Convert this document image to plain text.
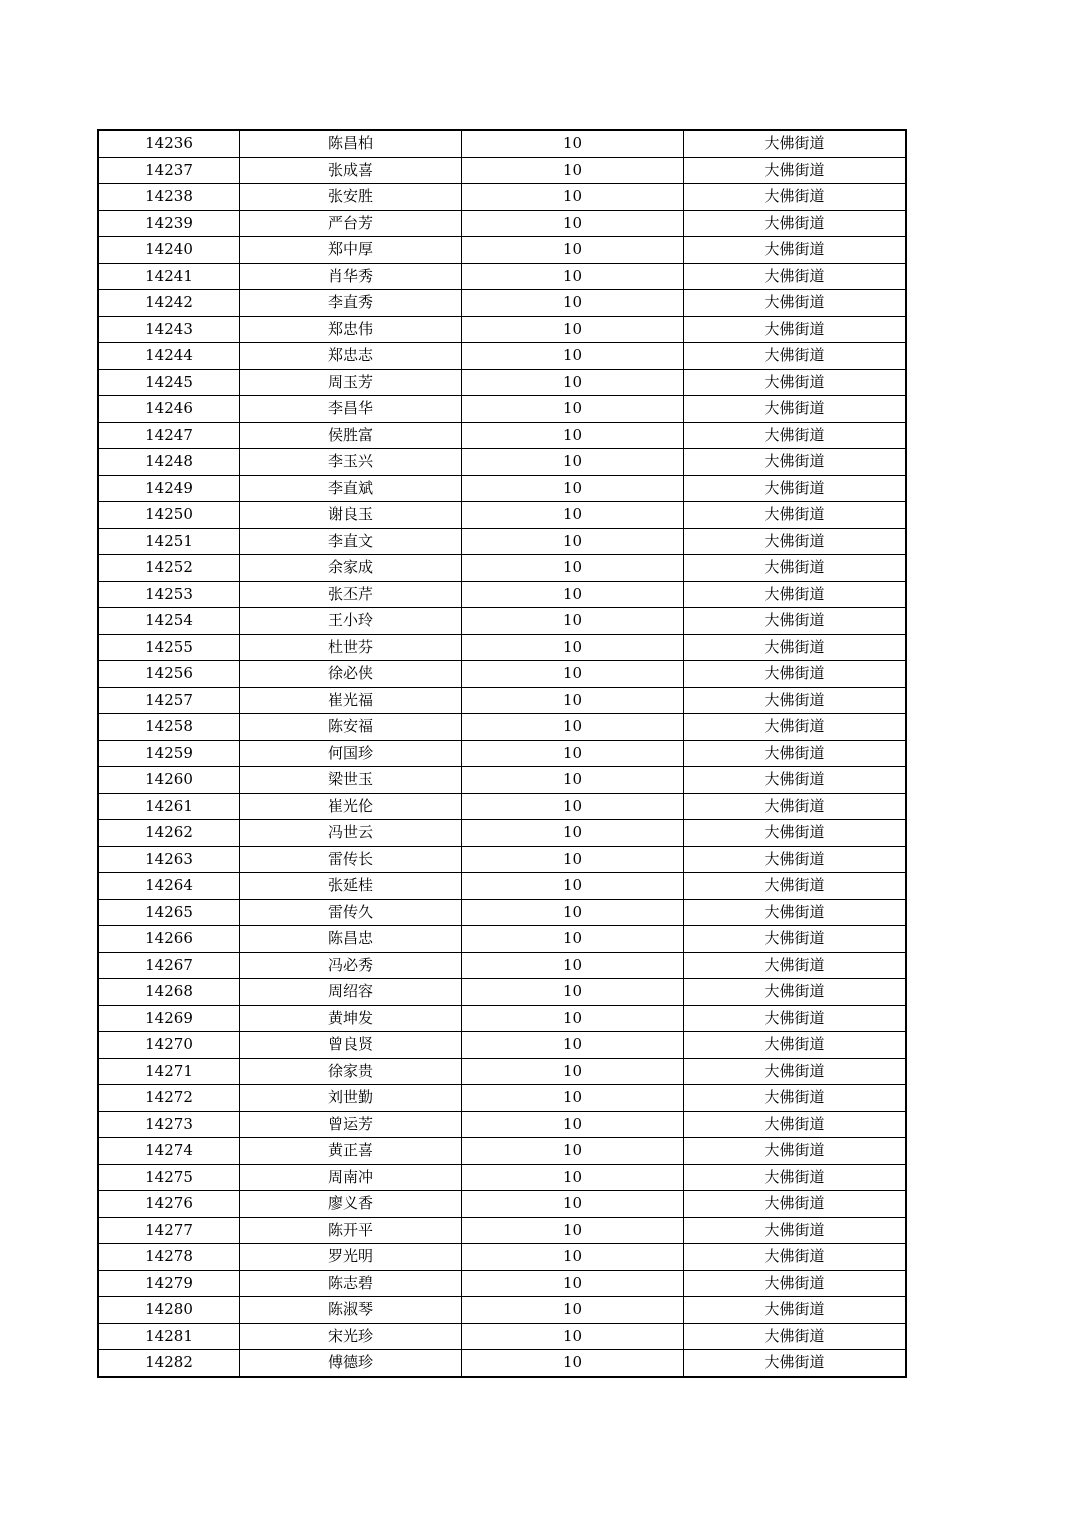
14236	陈昌柏	10	大佛街道
14237	张成喜	10	大佛街道
14238	张安胜	10	大佛街道
14239	严台芳	10	大佛街道
14240	郑中厚	10	大佛街道
14241	肖华秀	10	大佛街道
14242	李直秀	10	大佛街道
14243	郑忠伟	10	大佛街道
14244	郑忠志	10	大佛街道
14245	周玉芳	10	大佛街道
14246	李昌华	10	大佛街道
14247	侯胜富	10	大佛街道
14248	李玉兴	10	大佛街道
14249	李直斌	10	大佛街道
14250	谢良玉	10	大佛街道
14251	李直文	10	大佛街道
14252	余家成	10	大佛街道
14253	张丕芹	10	大佛街道
14254	王小玲	10	大佛街道
14255	杜世芬	10	大佛街道
14256	徐必侠	10	大佛街道
14257	崔光福	10	大佛街道
14258	陈安福	10	大佛街道
14259	何国珍	10	大佛街道
14260	梁世玉	10	大佛街道
14261	崔光伦	10	大佛街道
14262	冯世云	10	大佛街道
14263	雷传长	10	大佛街道
14264	张延桂	10	大佛街道
14265	雷传久	10	大佛街道
14266	陈昌忠	10	大佛街道
14267	冯必秀	10	大佛街道
14268	周绍容	10	大佛街道
14269	黄坤发	10	大佛街道
14270	曾良贤	10	大佛街道
14271	徐家贵	10	大佛街道
14272	刘世勤	10	大佛街道
14273	曾运芳	10	大佛街道
14274	黄正喜	10	大佛街道
14275	周南冲	10	大佛街道
14276	廖义香	10	大佛街道
14277	陈开平	10	大佛街道
14278	罗光明	10	大佛街道
14279	陈志碧	10	大佛街道
14280	陈淑琴	10	大佛街道
14281	宋光珍	10	大佛街道
14282	傅德珍	10	大佛街道
